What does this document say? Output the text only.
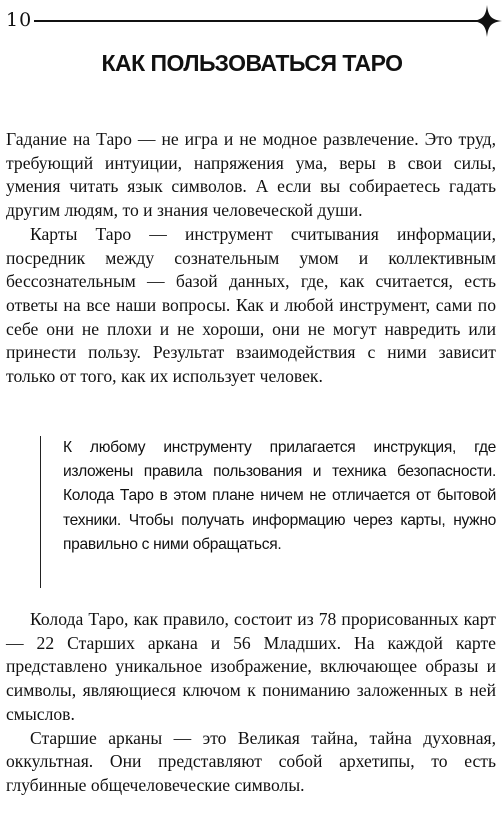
10
КАК ПОЛЬЗОВАТЬСЯ ТАРО

Гадание на Таро — не игра и не модное развлечение. Это труд, требующий интуиции, напряжения ума, веры в свои силы, умения читать язык символов. А если вы собираетесь гадать другим людям, то и знания человеческой души.

Карты Таро — инструмент считывания информации, посредник между сознательным умом и коллективным бессознательным — базой данных, где, как считается, есть ответы на все наши вопросы. Как и любой инструмент, сами по себе они не плохи и не хороши, они не могут навредить или принести пользу. Результат взаимодействия с ними зависит только от того, как их использует человек.

К любому инструменту прилагается инструкция, где изложены правила пользования и техника безопасности. Колода Таро в этом плане ничем не отличается от бытовой техники. Чтобы получать информацию через карты, нужно правильно с ними обращаться.

Колода Таро, как правило, состоит из 78 прорисованных карт — 22 Старших аркана и 56 Младших. На каждой карте представлено уникальное изображение, включающее образы и символы, являющиеся ключом к пониманию заложенных в ней смыслов.

Старшие арканы — это Великая тайна, тайна духовная, оккультная. Они представляют собой архетипы, то есть глубинные общечеловеческие символы.
